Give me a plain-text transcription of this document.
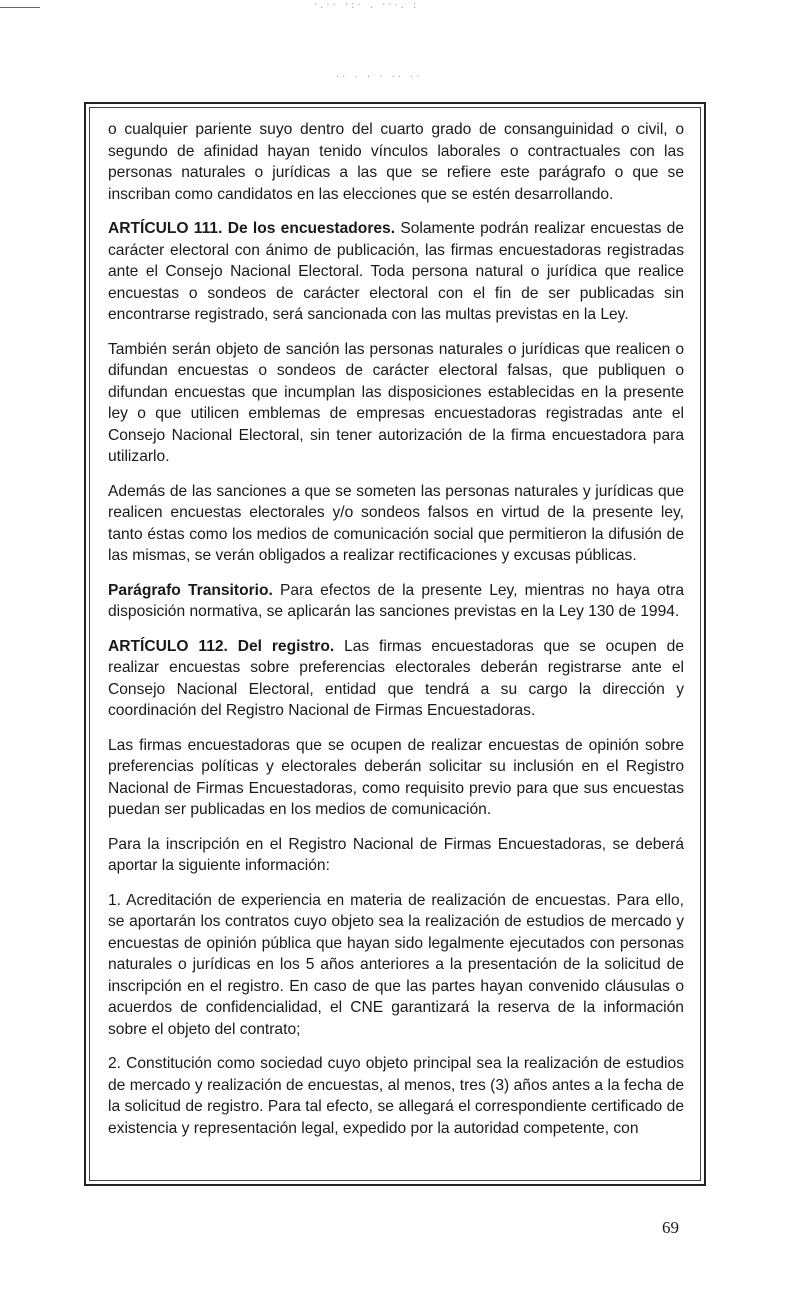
·.·· ·:· . ···. :
·· · · · ·· ··

o cualquier pariente suyo dentro del cuarto grado de consanguinidad o civil, o segundo de afinidad hayan tenido vínculos laborales o contractuales con las personas naturales o jurídicas a las que se refiere este parágrafo o que se inscriban como candidatos en las elecciones que se estén desarrollando.

ARTÍCULO 111. De los encuestadores. Solamente podrán realizar encuestas de carácter electoral con ánimo de publicación, las firmas encuestadoras registradas ante el Consejo Nacional Electoral. Toda persona natural o jurídica que realice encuestas o sondeos de carácter electoral con el fin de ser publicadas sin encontrarse registrado, será sancionada con las multas previstas en la Ley.

También serán objeto de sanción las personas naturales o jurídicas que realicen o difundan encuestas o sondeos de carácter electoral falsas, que publiquen o difundan encuestas que incumplan las disposiciones establecidas en la presente ley o que utilicen emblemas de empresas encuestadoras registradas ante el Consejo Nacional Electoral, sin tener autorización de la firma encuestadora para utilizarlo.

Además de las sanciones a que se someten las personas naturales y jurídicas que realicen encuestas electorales y/o sondeos falsos en virtud de la presente ley, tanto éstas como los medios de comunicación social que permitieron la difusión de las mismas, se verán obligados a realizar rectificaciones y excusas públicas.

Parágrafo Transitorio. Para efectos de la presente Ley, mientras no haya otra disposición normativa, se aplicarán las sanciones previstas en la Ley 130 de 1994.

ARTÍCULO 112. Del registro. Las firmas encuestadoras que se ocupen de realizar encuestas sobre preferencias electorales deberán registrarse ante el Consejo Nacional Electoral, entidad que tendrá a su cargo la dirección y coordinación del Registro Nacional de Firmas Encuestadoras.

Las firmas encuestadoras que se ocupen de realizar encuestas de opinión sobre preferencias políticas y electorales deberán solicitar su inclusión en el Registro Nacional de Firmas Encuestadoras, como requisito previo para que sus encuestas puedan ser publicadas en los medios de comunicación.

Para la inscripción en el Registro Nacional de Firmas Encuestadoras, se deberá aportar la siguiente información:

1. Acreditación de experiencia en materia de realización de encuestas. Para ello, se aportarán los contratos cuyo objeto sea la realización de estudios de mercado y encuestas de opinión pública que hayan sido legalmente ejecutados con personas naturales o jurídicas en los 5 años anteriores a la presentación de la solicitud de inscripción en el registro. En caso de que las partes hayan convenido cláusulas o acuerdos de confidencialidad, el CNE garantizará la reserva de la información sobre el objeto del contrato;

2. Constitución como sociedad cuyo objeto principal sea la realización de estudios de mercado y realización de encuestas, al menos, tres (3) años antes a la fecha de la solicitud de registro. Para tal efecto, se allegará el correspondiente certificado de existencia y representación legal, expedido por la autoridad competente, con

69
